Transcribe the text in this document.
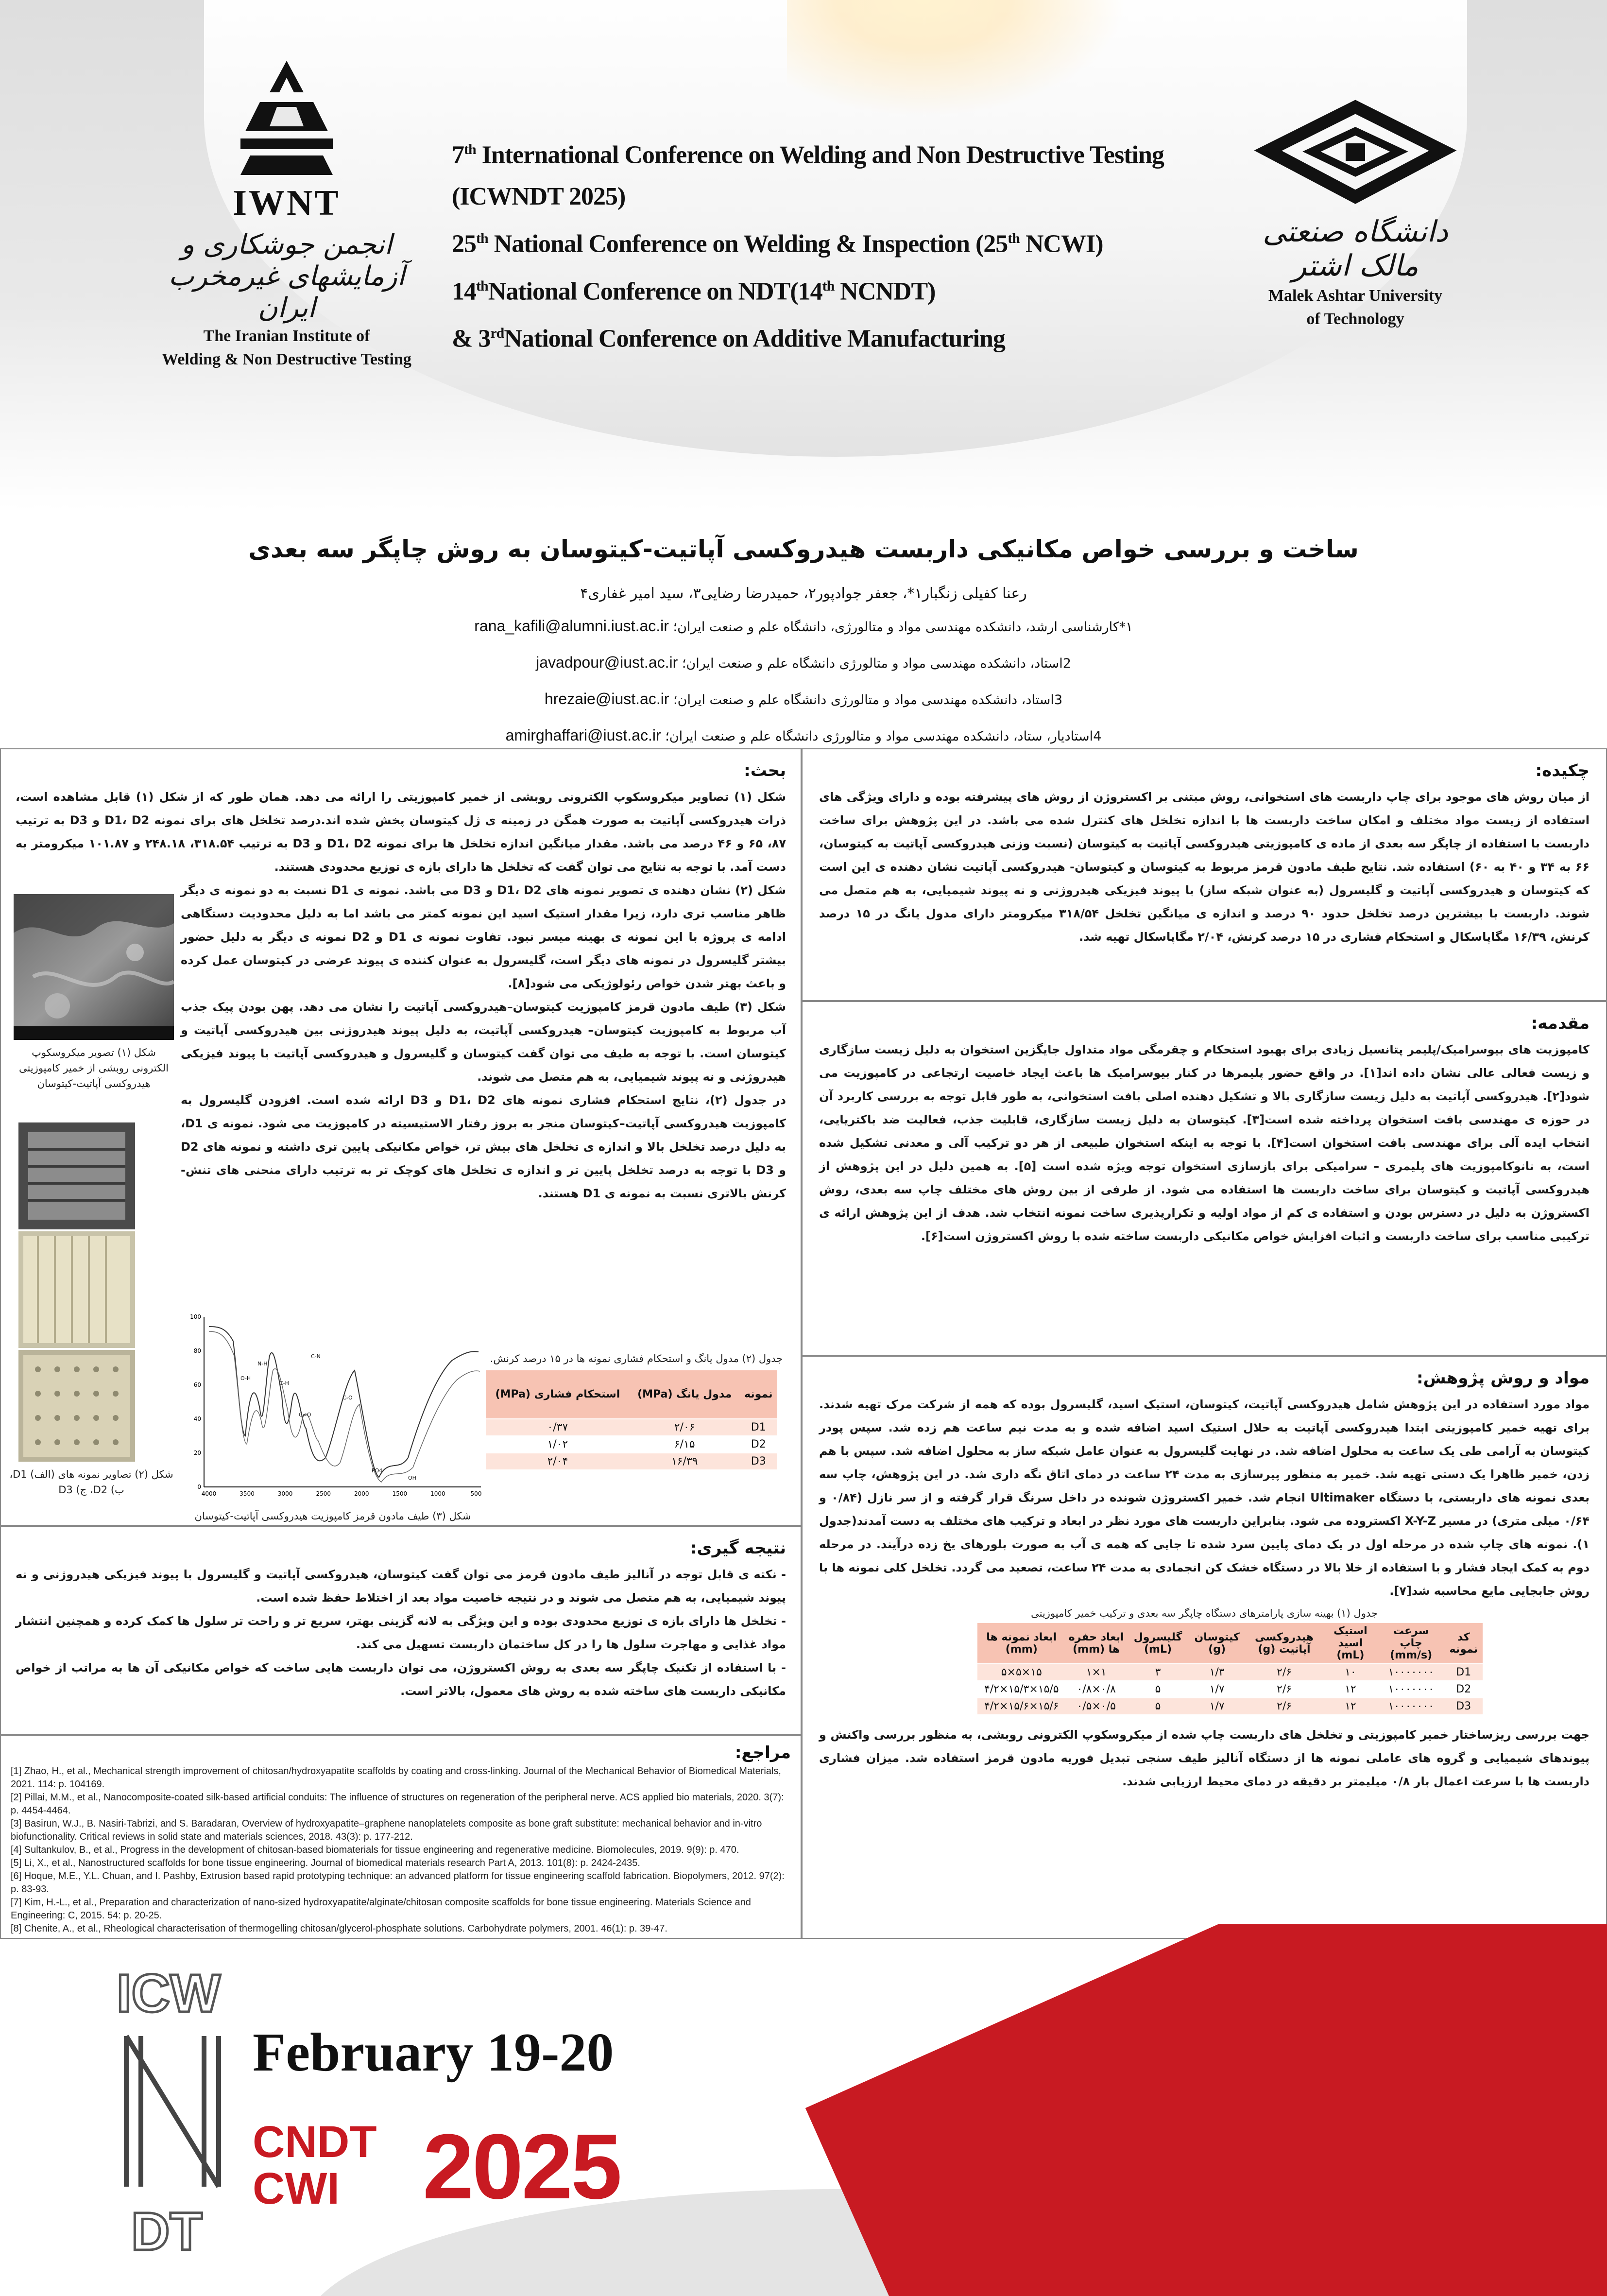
IWNT
انجمن جوشکاری و آزمایشهای غیرمخرب ایران
The Iranian Institute of
Welding & Non Destructive Testing
7th International Conference on Welding and Non Destructive Testing (ICWNDT 2025)
25th National Conference on Welding & Inspection (25th NCWI)
14thNational Conference on NDT(14th NCNDT)
& 3rdNational Conference on Additive Manufacturing
دانشگاه صنعتی مالک اشتر
Malek Ashtar University
of Technology
ساخت و بررسی خواص مکانیکی داربست هیدروکسی آپاتیت-کیتوسان به روش چاپگر سه بعدی
رعنا کفیلی زنگبار۱*، جعفر جوادپور۲، حمیدرضا رضایی۳، سید امیر غفاری۴
۱*کارشناسی ارشد، دانشکده مهندسی مواد و متالورژی، دانشگاه علم و صنعت ایران؛ rana_kafili@alumni.iust.ac.ir
2استاد، دانشکده مهندسی مواد و متالورژی دانشگاه علم و صنعت ایران؛ javadpour@iust.ac.ir
3استاد، دانشکده مهندسی مواد و متالورژی دانشگاه علم و صنعت ایران؛ hrezaie@iust.ac.ir
4استادیار، ستاد، دانشکده مهندسی مواد و متالورژی دانشگاه علم و صنعت ایران؛ amirghaffari@iust.ac.ir
چکیده:
از میان روش های موجود برای چاپ داربست های استخوانی، روش مبتنی بر اکستروژن از روش های پیشرفته بوده و دارای ویژگی های استفاده از زیست مواد مختلف و امکان ساخت داربست ها با اندازه تخلخل های کنترل شده می باشد. در این پژوهش برای ساخت داربست با استفاده از چاپگر سه بعدی از ماده ی کامپوزیتی هیدروکسی آپاتیت به کیتوسان (نسبت وزنی هیدروکسی آپاتیت به کیتوسان، ۶۶ به ۳۴ و ۴۰ به ۶۰) استفاده شد. نتایج طیف مادون قرمز مربوط به کیتوسان و کیتوسان- هیدروکسی آپاتیت نشان دهنده ی این است که کیتوسان و هیدروکسی آپاتیت و گلیسرول (به عنوان شبکه ساز) با پیوند فیزیکی هیدروژنی و نه پیوند شیمیایی، به هم متصل می شوند. داربست با بیشترین درصد تخلخل حدود ۹۰ درصد و اندازه ی میانگین تخلخل ۳۱۸/۵۴ میکرومتر دارای مدول یانگ در ۱۵ درصد کرنش، ۱۶/۳۹ مگاپاسکال و استحکام فشاری در ۱۵ درصد کرنش، ۲/۰۴ مگاپاسکال تهیه شد.
مقدمه:
کامپوزیت های بیوسرامیک/پلیمر پتانسیل زیادی برای بهبود استحکام و چقرمگی مواد متداول جایگزین استخوان به دلیل زیست سازگاری و زیست فعالی عالی نشان داده اند[۱]. در واقع حضور پلیمرها در کنار بیوسرامیک ها باعث ایجاد خاصیت ارتجاعی در کامپوزیت می شود[۲]. هیدروکسی آپاتیت به دلیل زیست سازگاری بالا و تشکیل دهنده اصلی بافت استخوانی، به طور قابل توجه به بررسی کاربرد آن در حوزه ی مهندسی بافت استخوان پرداخته شده است[۳]. کیتوسان به دلیل زیست سازگاری، قابلیت جذب، فعالیت ضد باکتریایی، انتخاب ایده آلی برای مهندسی بافت استخوان است[۴]. با توجه به اینکه استخوان طبیعی از هر دو ترکیب آلی و معدنی تشکیل شده است، به نانوکامپوزیت های پلیمری – سرامیکی برای بازسازی استخوان توجه ویژه شده است [۵]. به همین دلیل در این پژوهش از هیدروکسی آپاتیت و کیتوسان برای ساخت داربست ها استفاده می شود. از طرفی از بین روش های مختلف چاپ سه بعدی، روش اکستروژن به دلیل در دسترس بودن و استفاده ی کم از مواد اولیه و تکرارپذیری ساخت نمونه انتخاب شد. هدف از این پژوهش ارائه ی ترکیبی مناسب برای ساخت داربست و اثبات افزایش خواص مکانیکی داربست ساخته شده با روش اکستروژن است[۶].
مواد و روش پژوهش:
مواد مورد استفاده در این پژوهش شامل هیدروکسی آپاتیت، کیتوسان، استیک اسید، گلیسرول بوده که همه از شرکت مرک تهیه شدند. برای تهیه خمیر کامپوزیتی ابتدا هیدروکسی آپاتیت به حلال استیک اسید اضافه شده و به مدت نیم ساعت هم زده شد. سپس پودر کیتوسان به آرامی طی یک ساعت به محلول اضافه شد. در نهایت گلیسرول به عنوان عامل شبکه ساز به محلول اضافه شد. سپس با هم زدن، خمیر ظاهرا یک دستی تهیه شد. خمیر به منظور پیرسازی به مدت ۲۴ ساعت در دمای اتاق نگه داری شد. در این پژوهش، چاپ سه بعدی نمونه های داربستی، با دستگاه Ultimaker انجام شد. خمیر اکستروژن شونده در داخل سرنگ قرار گرفته و از سر نازل (۰/۸۴ و ۰/۶۴ میلی متری) در مسیر X-Y-Z اکستروده می شود. بنابراین داربست های مورد نظر در ابعاد و ترکیب های مختلف به دست آمدند(جدول ۱). نمونه های چاپ شده در مرحله اول در یک دمای پایین سرد شده تا جایی که همه ی آب به صورت بلورهای یخ زده درآیند. در مرحله دوم به کمک ایجاد فشار و با استفاده از خلا بالا در دستگاه خشک کن انجمادی به مدت ۲۴ ساعت، تصعید می گردد. تخلخل کلی نمونه ها با روش جابجایی مایع محاسبه شد[۷].
جدول (۱) بهینه سازی پارامترهای دستگاه چاپگر سه بعدی و ترکیب خمیر کامپوزیتی
کد نمونه	سرعت چاپ (mm/s)	استیک اسید (mL)	هیدروکسی آپاتیت (g)	کیتوسان (g)	گلیسرول (mL)	ابعاد حفره ها (mm)	ابعاد نمونه ها (mm)
D1	۱۰۰۰۰۰۰۰	۱۰	۲/۶	۱/۳	۳	۱×۱	۱۵×۵×۵
D2	۱۰۰۰۰۰۰۰	۱۲	۲/۶	۱/۷	۵	۰/۸×۰/۸	۱۵/۵×۱۵/۳×۴/۲
D3	۱۰۰۰۰۰۰۰	۱۲	۲/۶	۱/۷	۵	۰/۵×۰/۵	۱۵/۶×۱۵/۶×۴/۲
جهت بررسی ریزساختار خمیر کامپوزیتی و تخلخل های داربست چاپ شده از میکروسکوپ الکترونی روبشی، به منظور بررسی واکنش و پیوندهای شیمیایی و گروه های عاملی نمونه ها از دستگاه آنالیز طیف سنجی تبدیل فوریه مادون قرمز استفاده شد. میزان فشاری داربست ها با سرعت اعمال بار ۰/۸ میلیمتر بر دقیقه در دمای محیط ارزیابی شدند.
بحث:
شکل (۱) تصاویر میکروسکوپ الکترونی روبشی از خمیر کامپوزیتی را ارائه می دهد. همان طور که از شکل (۱) قابل مشاهده است، ذرات هیدروکسی آپاتیت به صورت همگن در زمینه ی ژل کیتوسان پخش شده اند.درصد تخلخل های برای نمونه D1، D2 و D3 به ترتیب ۸۷، ۶۵ و ۴۶ درصد می باشد. مقدار میانگین اندازه تخلخل ها برای نمونه D1، D2 و D3 به ترتیب ۳۱۸.۵۴، ۲۴۸.۱۸ و ۱۰۱.۸۷ میکرومتر به دست آمد. با توجه به نتایج می توان گفت که تخلخل ها دارای بازه ی توزیع محدودی هستند.
شکل (۲) نشان دهنده ی تصویر نمونه های D1، D2 و D3 می باشد. نمونه ی D1 نسبت به دو نمونه ی دیگر ظاهر مناسب تری دارد، زیرا مقدار استیک اسید این نمونه کمتر می باشد اما به دلیل محدودیت دستگاهی ادامه ی پروژه با این نمونه ی بهینه میسر نبود. تفاوت نمونه ی D1 و D2 نمونه ی دیگر به دلیل حضور بیشتر گلیسرول در نمونه های دیگر است، گلیسرول به عنوان کننده ی پیوند عرضی در کیتوسان عمل کرده و باعث بهتر شدن خواص رئولوژیکی می شود[۸].
شکل (۳) طیف مادون قرمز کامپوزیت کیتوسان–هیدروکسی آپاتیت را نشان می دهد. پهن بودن پیک جذب آب مربوط به کامپوزیت کیتوسان– هیدروکسی آپاتیت، به دلیل پیوند هیدروژنی بین هیدروکسی آپاتیت و کیتوسان است. با توجه به طیف می توان گفت کیتوسان و گلیسرول و هیدروکسی آپاتیت با پیوند فیزیکی هیدروژنی و نه پیوند شیمیایی، به هم متصل می شوند.
در جدول (۲)، نتایج استحکام فشاری نمونه های D1، D2 و D3 ارائه شده است. افزودن گلیسرول به کامپوزیت هیدروکسی آپاتیت–کیتوسان منجر به بروز رفتار الاستیسیته در کامپوزیت می شود. نمونه ی D1، به دلیل درصد تخلخل بالا و اندازه ی تخلخل های بیش تر، خواص مکانیکی پایین تری داشته و نمونه های D2 و D3 با توجه به درصد تخلخل پایین تر و اندازه ی تخلخل های کوچک تر به ترتیب دارای منحنی های تنش-کرنش بالاتری نسبت به نمونه ی D1 هستند.
شکل (۱) تصویر میکروسکوپ الکترونی روبشی از خمیر کامپوزیتی هیدروکسی آپاتیت-کیتوسان

شکل (۲) تصاویر نمونه های (الف) D1، ب) D2، ج) D3
100
80
60
40
20
0
4000	3500	3000	2500	2000	1500	1000	500
O-H
N-H
C-H
C=O
C-N
C-O
PO4
OH
شکل (۳) طیف مادون قرمز کامپوزیت هیدروکسی آپاتیت-کیتوسان
جدول (۲) مدول یانگ و استحکام فشاری نمونه ها در ۱۵ درصد کرنش.
نمونه	مدول یانگ (MPa)	استحکام فشاری (MPa)
D1	۲/۰۶	۰/۳۷
D2	۶/۱۵	۱/۰۲
D3	۱۶/۳۹	۲/۰۴
نتیجه گیری:
- نکته ی قابل توجه در آنالیز طیف مادون قرمز می توان گفت کیتوسان، هیدروکسی آپاتیت و گلیسرول با پیوند فیزیکی هیدروژنی و نه پیوند شیمیایی، به هم متصل می شوند و در نتیجه خاصیت مواد بعد از اختلاط حفظ شده است.
- تخلخل ها دارای بازه ی توزیع محدودی بوده و این ویژگی به لانه گزینی بهتر، سریع تر و راحت تر سلول ها کمک کرده و همچنین انتشار مواد غذایی و مهاجرت سلول ها را در کل ساختمان داربست تسهیل می کند.
- با استفاده از تکنیک چاپگر سه بعدی به روش اکستروژن، می توان داربست هایی ساخت که خواص مکانیکی آن ها به مراتب از خواص مکانیکی داربست های ساخته شده به روش های معمول، بالاتر است.
مراجع:
[1] Zhao, H., et al., Mechanical strength improvement of chitosan/hydroxyapatite scaffolds by coating and cross-linking. Journal of the Mechanical Behavior of Biomedical Materials, 2021. 114: p. 104169.
[2] Pillai, M.M., et al., Nanocomposite-coated silk-based artificial conduits: The influence of structures on regeneration of the peripheral nerve. ACS applied bio materials, 2020. 3(7): p. 4454-4464.
[3] Basirun, W.J., B. Nasiri-Tabrizi, and S. Baradaran, Overview of hydroxyapatite–graphene nanoplatelets composite as bone graft substitute: mechanical behavior and in-vitro biofunctionality. Critical reviews in solid state and materials sciences, 2018. 43(3): p. 177-212.
[4] Sultankulov, B., et al., Progress in the development of chitosan-based biomaterials for tissue engineering and regenerative medicine. Biomolecules, 2019. 9(9): p. 470.
[5] Li, X., et al., Nanostructured scaffolds for bone tissue engineering. Journal of biomedical materials research Part A, 2013. 101(8): p. 2424-2435.
[6] Hoque, M.E., Y.L. Chuan, and I. Pashby, Extrusion based rapid prototyping technique: an advanced platform for tissue engineering scaffold fabrication. Biopolymers, 2012. 97(2): p. 83-93.
[7] Kim, H.-L., et al., Preparation and characterization of nano-sized hydroxyapatite/alginate/chitosan composite scaffolds for bone tissue engineering. Materials Science and Engineering: C, 2015. 54: p. 20-25.
[8] Chenite, A., et al., Rheological characterisation of thermogelling chitosan/glycerol-phosphate solutions. Carbohydrate polymers, 2001. 46(1): p. 39-47.
ICW
DT
February 19-20
CNDT
CWI 2025
